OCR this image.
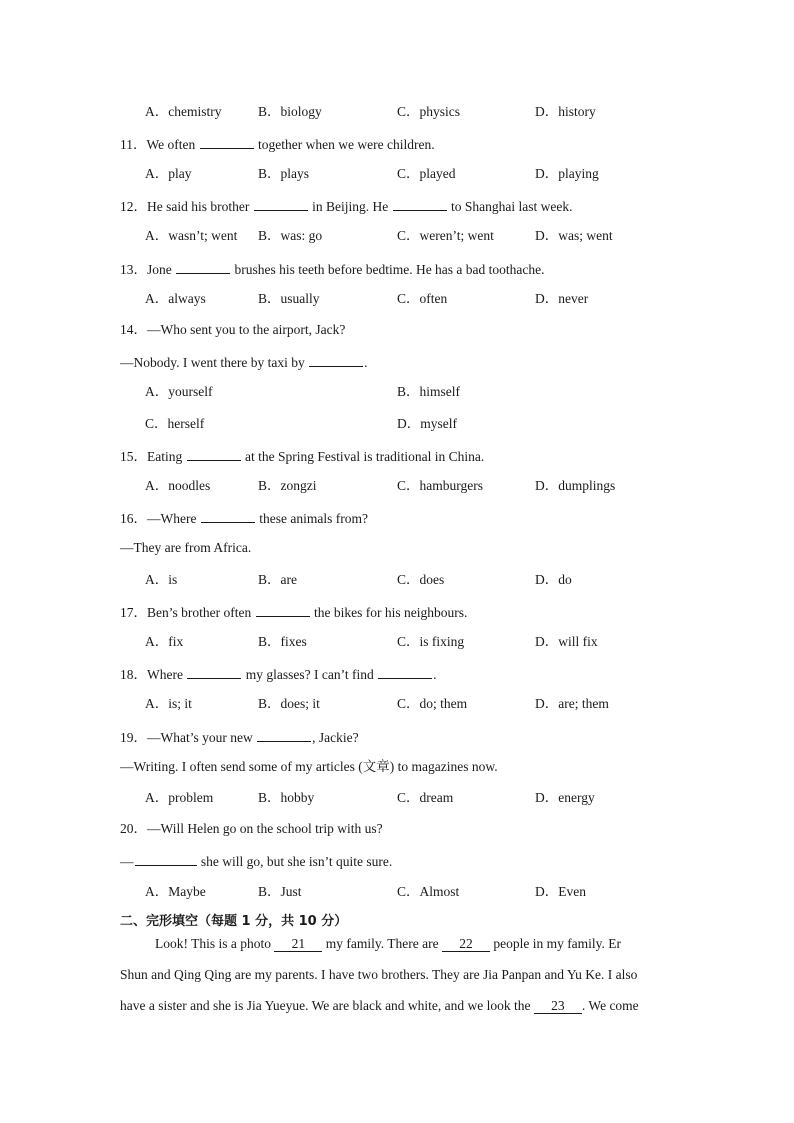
A．chemistry	B．biology	C．physics	D．history
11．We often	together when we were children.
A．play	B．plays	C．played	D．playing
12．He said his brother	in Beijing. He	to Shanghai last week.
A．wasn’t; went B．was: go	C．weren’t; went	D．was; went
13．Jone	brushes his teeth before bedtime. He has a bad toothache.
A．always	B．usually	C．often	D．never
14．—Who sent you to the airport, Jack?
—Nobody. I went there by taxi by	.
A．yourself	B．himself
C．herself	D．myself
15．Eating	at the Spring Festival is traditional in China.
A．noodles	B．zongzi	C．hamburgers	D．dumplings
16．—Where	these animals from?
—They are from Africa.
A．is	B．are	C．does	D．do
17．Ben’s brother often	the bikes for his neighbours.
A．fix	B．fixes	C．is fixing	D．will fix
18．Where	my glasses? I can’t find	.
A．is; it	B．does; it	C．do; them	D．are; them
19．—What’s your new	, Jackie?
—Writing. I often send some of my articles (文章) to magazines now.
A．problem	B．hobby	C．dream	D．energy
20．—Will Helen go on the school trip with us?
—	she will go, but she isn’t quite sure.
A．Maybe	B．Just	C．Almost	D．Even
二、完形填空（每题 1 分，共 10 分）
Look! This is a photo 21 my family. There are 22 people in my family. Er
Shun and Qing Qing are my parents. I have two brothers. They are Jia Panpan and Yu Ke. I also
have a sister and she is Jia Yueyue. We are black and white, and we look the 23 . We come
